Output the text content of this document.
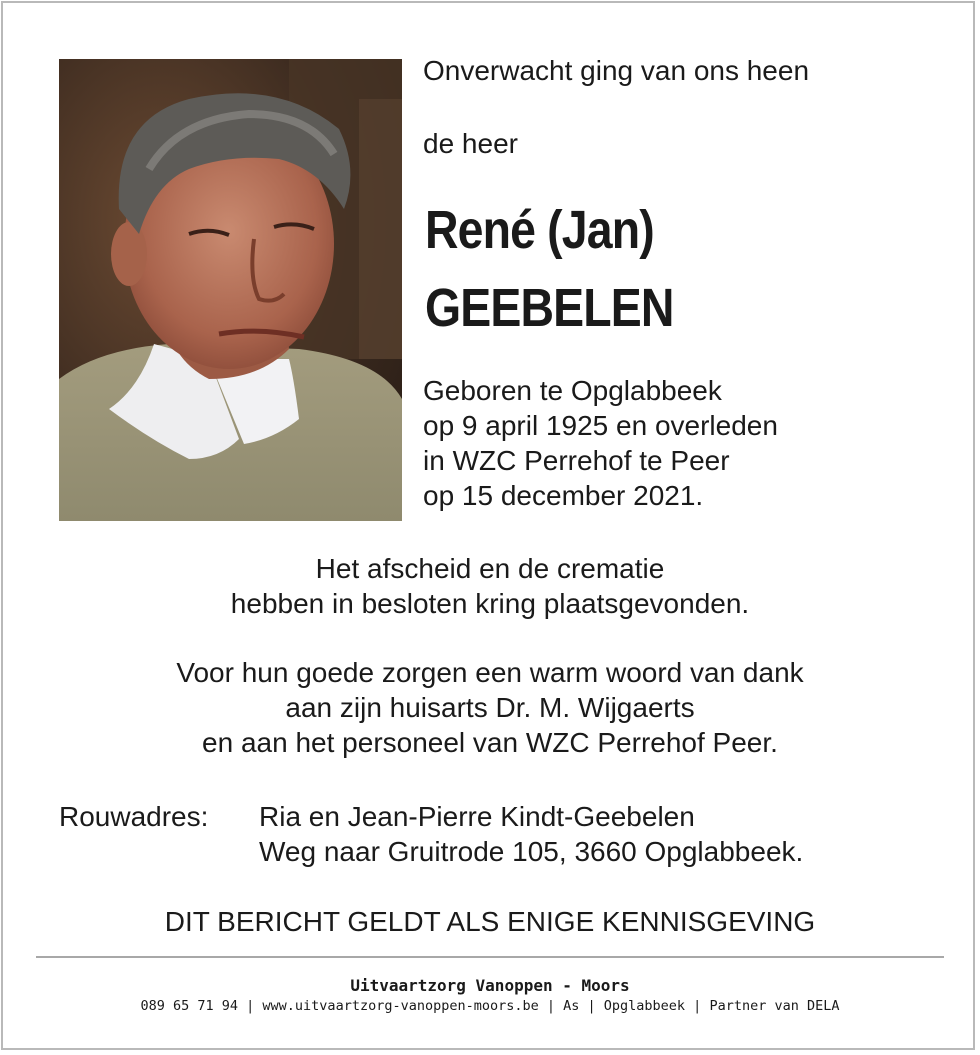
Onverwacht ging van ons heen
de heer
René (Jan)
GEEBELEN
Geboren te Opglabbeek
op 9 april 1925 en overleden
in WZC Perrehof te Peer
op 15 december 2021.
Het afscheid en de crematie
hebben in besloten kring plaatsgevonden.
Voor hun goede zorgen een warm woord van dank
aan zijn huisarts Dr. M. Wijgaerts
en aan het personeel van WZC Perrehof Peer.
Rouwadres: Ria en Jean-Pierre Kindt-Geebelen
Weg naar Gruitrode 105, 3660 Opglabbeek.
DIT BERICHT GELDT ALS ENIGE KENNISGEVING
Uitvaartzorg Vanoppen - Moors
089 65 71 94 | www.uitvaartzorg-vanoppen-moors.be | As | Opglabbeek | Partner van DELA
